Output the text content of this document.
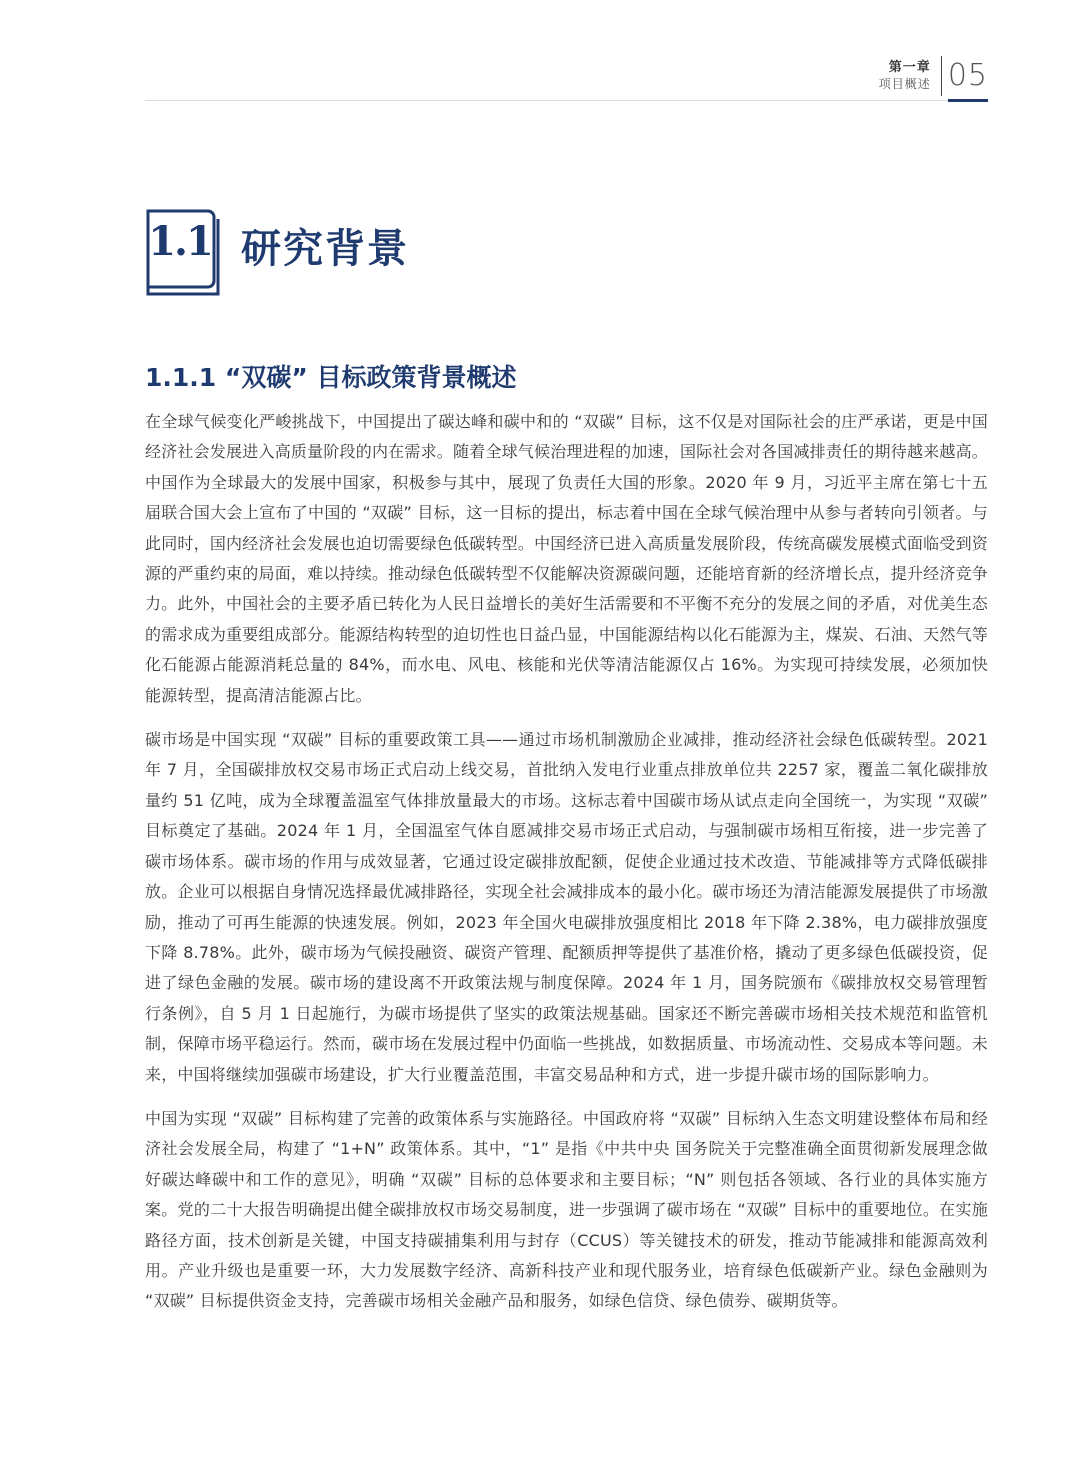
第一章
项目概述 05
1.1 研究背景
1.1.1 “双碳” 目标政策背景概述

在全球气候变化严峻挑战下，中国提出了碳达峰和碳中和的 “双碳” 目标，这不仅是对国际社会的庄严承诺，更是中国经济社会发展进入高质量阶段的内在需求。随着全球气候治理进程的加速，国际社会对各国减排责任的期待越来越高。中国作为全球最大的发展中国家，积极参与其中，展现了负责任大国的形象。2020 年 9 月，习近平主席在第七十五届联合国大会上宣布了中国的 “双碳” 目标，这一目标的提出，标志着中国在全球气候治理中从参与者转向引领者。与此同时，国内经济社会发展也迫切需要绿色低碳转型。中国经济已进入高质量发展阶段，传统高碳发展模式面临受到资源的严重约束的局面，难以持续。推动绿色低碳转型不仅能解决资源碳问题，还能培育新的经济增长点，提升经济竞争力。此外，中国社会的主要矛盾已转化为人民日益增长的美好生活需要和不平衡不充分的发展之间的矛盾，对优美生态的需求成为重要组成部分。能源结构转型的迫切性也日益凸显，中国能源结构以化石能源为主，煤炭、石油、天然气等化石能源占能源消耗总量的 84%，而水电、风电、核能和光伏等清洁能源仅占 16%。为实现可持续发展，必须加快能源转型，提高清洁能源占比。

碳市场是中国实现 “双碳” 目标的重要政策工具——通过市场机制激励企业减排，推动经济社会绿色低碳转型。2021 年 7 月，全国碳排放权交易市场正式启动上线交易，首批纳入发电行业重点排放单位共 2257 家，覆盖二氧化碳排放量约 51 亿吨，成为全球覆盖温室气体排放量最大的市场。这标志着中国碳市场从试点走向全国统一，为实现 “双碳” 目标奠定了基础。2024 年 1 月，全国温室气体自愿减排交易市场正式启动，与强制碳市场相互衔接，进一步完善了碳市场体系。碳市场的作用与成效显著，它通过设定碳排放配额，促使企业通过技术改造、节能减排等方式降低碳排放。企业可以根据自身情况选择最优减排路径，实现全社会减排成本的最小化。碳市场还为清洁能源发展提供了市场激励，推动了可再生能源的快速发展。例如，2023 年全国火电碳排放强度相比 2018 年下降 2.38%，电力碳排放强度下降 8.78%。此外，碳市场为气候投融资、碳资产管理、配额质押等提供了基准价格，撬动了更多绿色低碳投资，促进了绿色金融的发展。碳市场的建设离不开政策法规与制度保障。2024 年 1 月，国务院颁布《碳排放权交易管理暂行条例》，自 5 月 1 日起施行，为碳市场提供了坚实的政策法规基础。国家还不断完善碳市场相关技术规范和监管机制，保障市场平稳运行。然而，碳市场在发展过程中仍面临一些挑战，如数据质量、市场流动性、交易成本等问题。未来，中国将继续加强碳市场建设，扩大行业覆盖范围，丰富交易品种和方式，进一步提升碳市场的国际影响力。

中国为实现 “双碳” 目标构建了完善的政策体系与实施路径。中国政府将 “双碳” 目标纳入生态文明建设整体布局和经济社会发展全局，构建了 “1+N” 政策体系。其中，“1” 是指《中共中央 国务院关于完整准确全面贯彻新发展理念做好碳达峰碳中和工作的意见》，明确 “双碳” 目标的总体要求和主要目标；“N” 则包括各领域、各行业的具体实施方案。党的二十大报告明确提出健全碳排放权市场交易制度，进一步强调了碳市场在 “双碳” 目标中的重要地位。在实施路径方面，技术创新是关键，中国支持碳捕集利用与封存（CCUS）等关键技术的研发，推动节能减排和能源高效利用。产业升级也是重要一环，大力发展数字经济、高新科技产业和现代服务业，培育绿色低碳新产业。绿色金融则为 “双碳” 目标提供资金支持，完善碳市场相关金融产品和服务，如绿色信贷、绿色债券、碳期货等。
